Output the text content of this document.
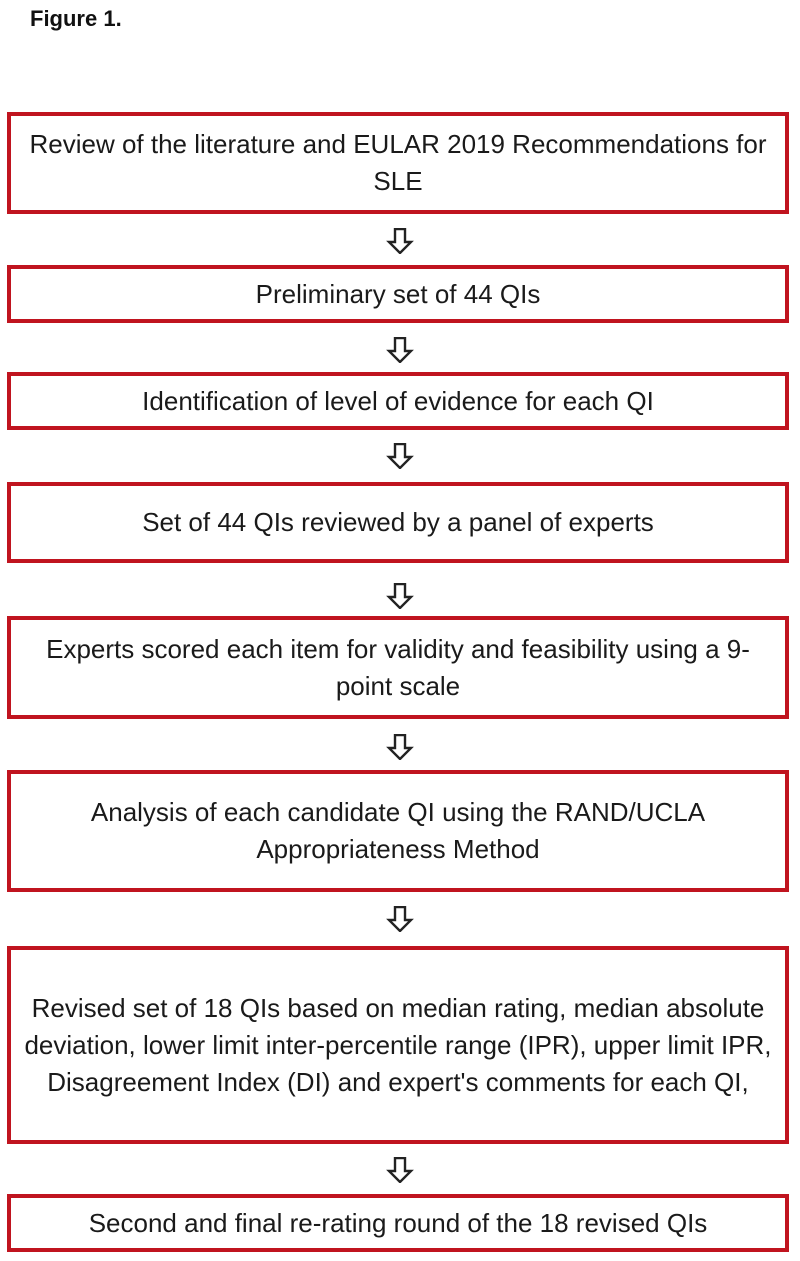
Figure 1.
Review of the literature and EULAR 2019 Recommendations for SLE
Preliminary set of 44 QIs
Identification of level of evidence for each QI
Set of 44 QIs reviewed by a panel of experts
Experts scored each item for validity and feasibility using a 9-point scale
Analysis of each candidate QI using the RAND/UCLA Appropriateness Method
Revised set of 18 QIs based on median rating, median absolute deviation, lower limit inter-percentile range (IPR), upper limit IPR, Disagreement Index (DI) and expert's comments for each QI,
Second and final re-rating round of the 18 revised QIs
